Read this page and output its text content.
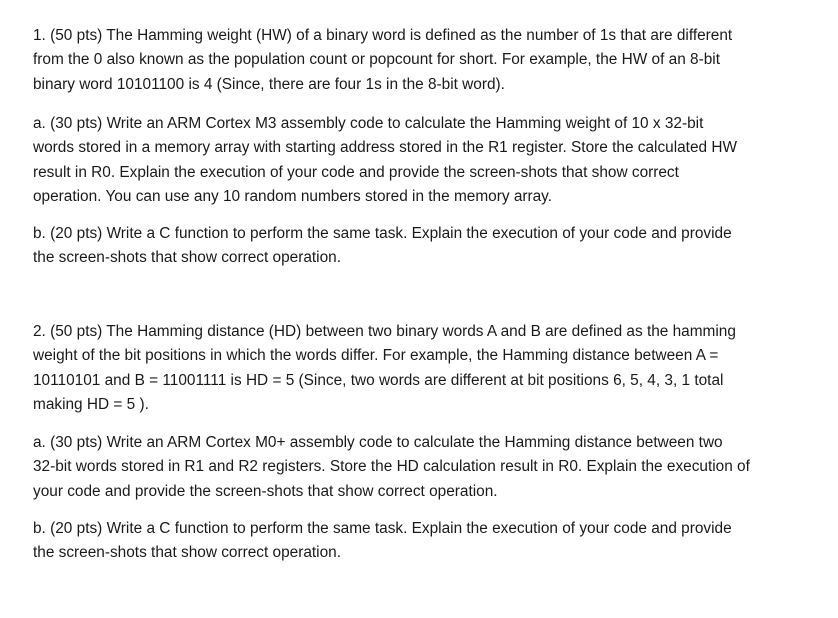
1. (50 pts) The Hamming weight (HW) of a binary word is defined as the number of 1s that are different
from the 0 also known as the population count or popcount for short. For example, the HW of an 8-bit
binary word 10101100 is 4 (Since, there are four 1s in the 8-bit word).

a. (30 pts) Write an ARM Cortex M3 assembly code to calculate the Hamming weight of 10 x 32-bit
words stored in a memory array with starting address stored in the R1 register. Store the calculated HW
result in R0. Explain the execution of your code and provide the screen-shots that show correct
operation. You can use any 10 random numbers stored in the memory array.

b. (20 pts) Write a C function to perform the same task. Explain the execution of your code and provide
the screen-shots that show correct operation.

2. (50 pts) The Hamming distance (HD) between two binary words A and B are defined as the hamming
weight of the bit positions in which the words differ. For example, the Hamming distance between A =
10110101 and B = 11001111 is HD = 5 (Since, two words are different at bit positions 6, 5, 4, 3, 1 total
making HD = 5 ).

a. (30 pts) Write an ARM Cortex M0+ assembly code to calculate the Hamming distance between two
32-bit words stored in R1 and R2 registers. Store the HD calculation result in R0. Explain the execution of
your code and provide the screen-shots that show correct operation.

b. (20 pts) Write a C function to perform the same task. Explain the execution of your code and provide
the screen-shots that show correct operation.
